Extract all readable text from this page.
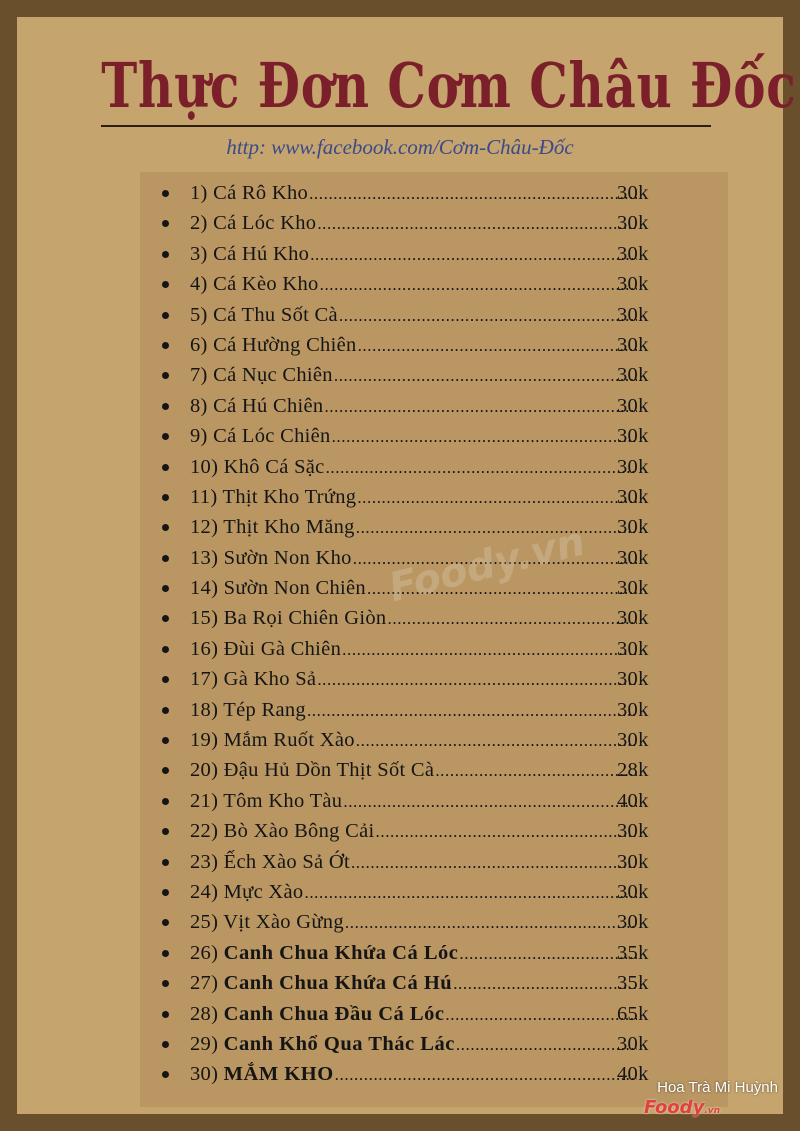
Thực Đơn Cơm Châu Đốc
http: www.facebook.com/Cơm-Châu-Đốc
1) Cá Rô Kho .....	30k
2) Cá Lóc Kho .....	30k
3) Cá Hú Kho .....	30k
4) Cá Kèo Kho .....	30k
5) Cá Thu Sốt Cà .....	30k
6) Cá Hường Chiên .....	30k
7) Cá Nục Chiên .....	30k
8) Cá Hú Chiên .....	30k
9) Cá Lóc Chiên .....	30k
10) Khô Cá Sặc .....	30k
11) Thịt Kho Trứng .....	30k
12) Thịt Kho Măng .....	30k
13) Sườn Non Kho .....	30k
14) Sườn Non Chiên .....	30k
15) Ba Rọi Chiên Giòn .....	30k
16) Đùi Gà Chiên .....	30k
17) Gà Kho Sả .....	30k
18) Tép Rang .....	30k
19) Mắm Ruốt Xào .....	30k
20) Đậu Hủ Dồn Thịt Sốt Cà .....	28k
21) Tôm Kho Tàu .....	40k
22) Bò Xào Bông Cải .....	30k
23) Ếch Xào Sả Ớt .....	30k
24) Mực Xào .....	30k
25) Vịt Xào Gừng .....	30k
26) Canh Chua Khứa Cá Lóc .....	35k
27) Canh Chua Khứa Cá Hú .....	35k
28) Canh Chua Đầu Cá Lóc .....	65k
29) Canh Khổ Qua Thác Lác .....	30k
30) MẮM KHO .....	40k
Hoa Trà Mi Huỳnh
Foody.vn
